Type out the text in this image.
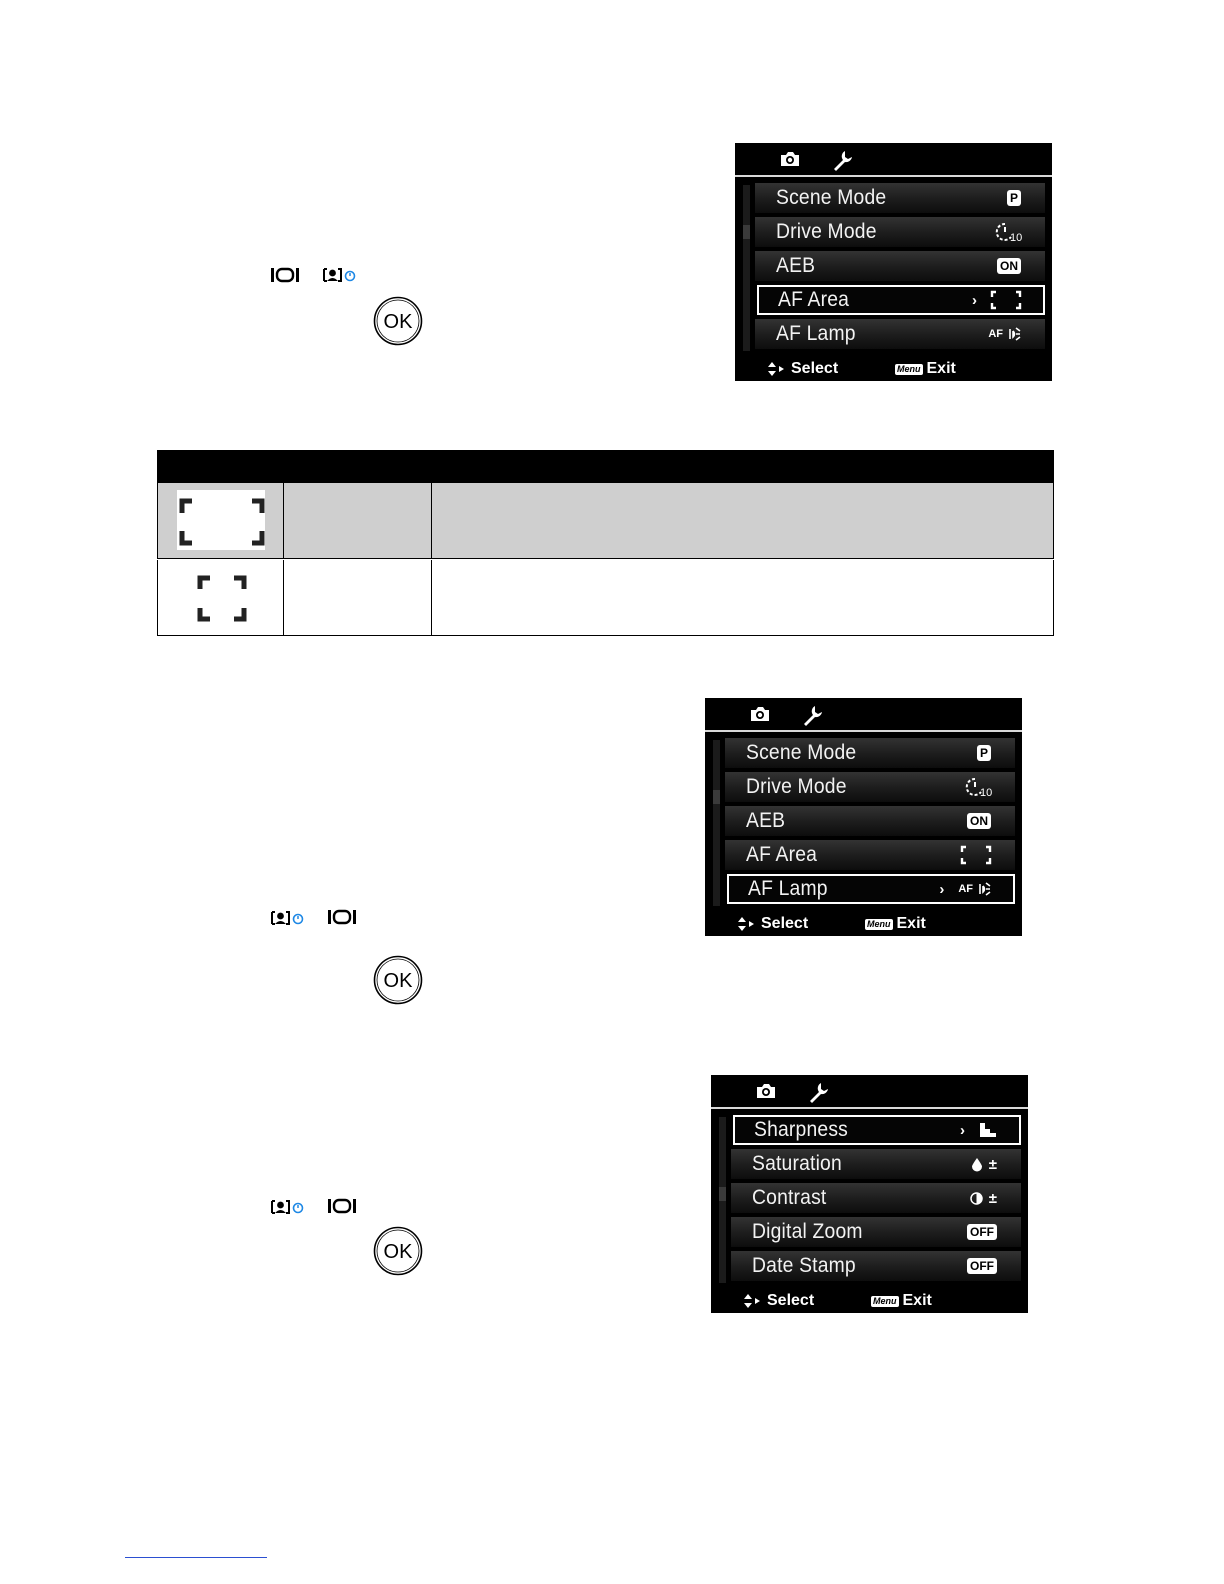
OK
Scene Mode	P
Drive Mode	10
AEB	ON
AF Area	›
AF Lamp	AF
Select	Menu Exit
OK
Scene Mode	P
Drive Mode	10
AEB	ON
AF Area
AF Lamp	› AF
Select	Menu Exit
OK
Sharpness	›
Saturation	±
Contrast	±
Digital Zoom	OFF
Date Stamp	OFF
Select	Menu Exit
